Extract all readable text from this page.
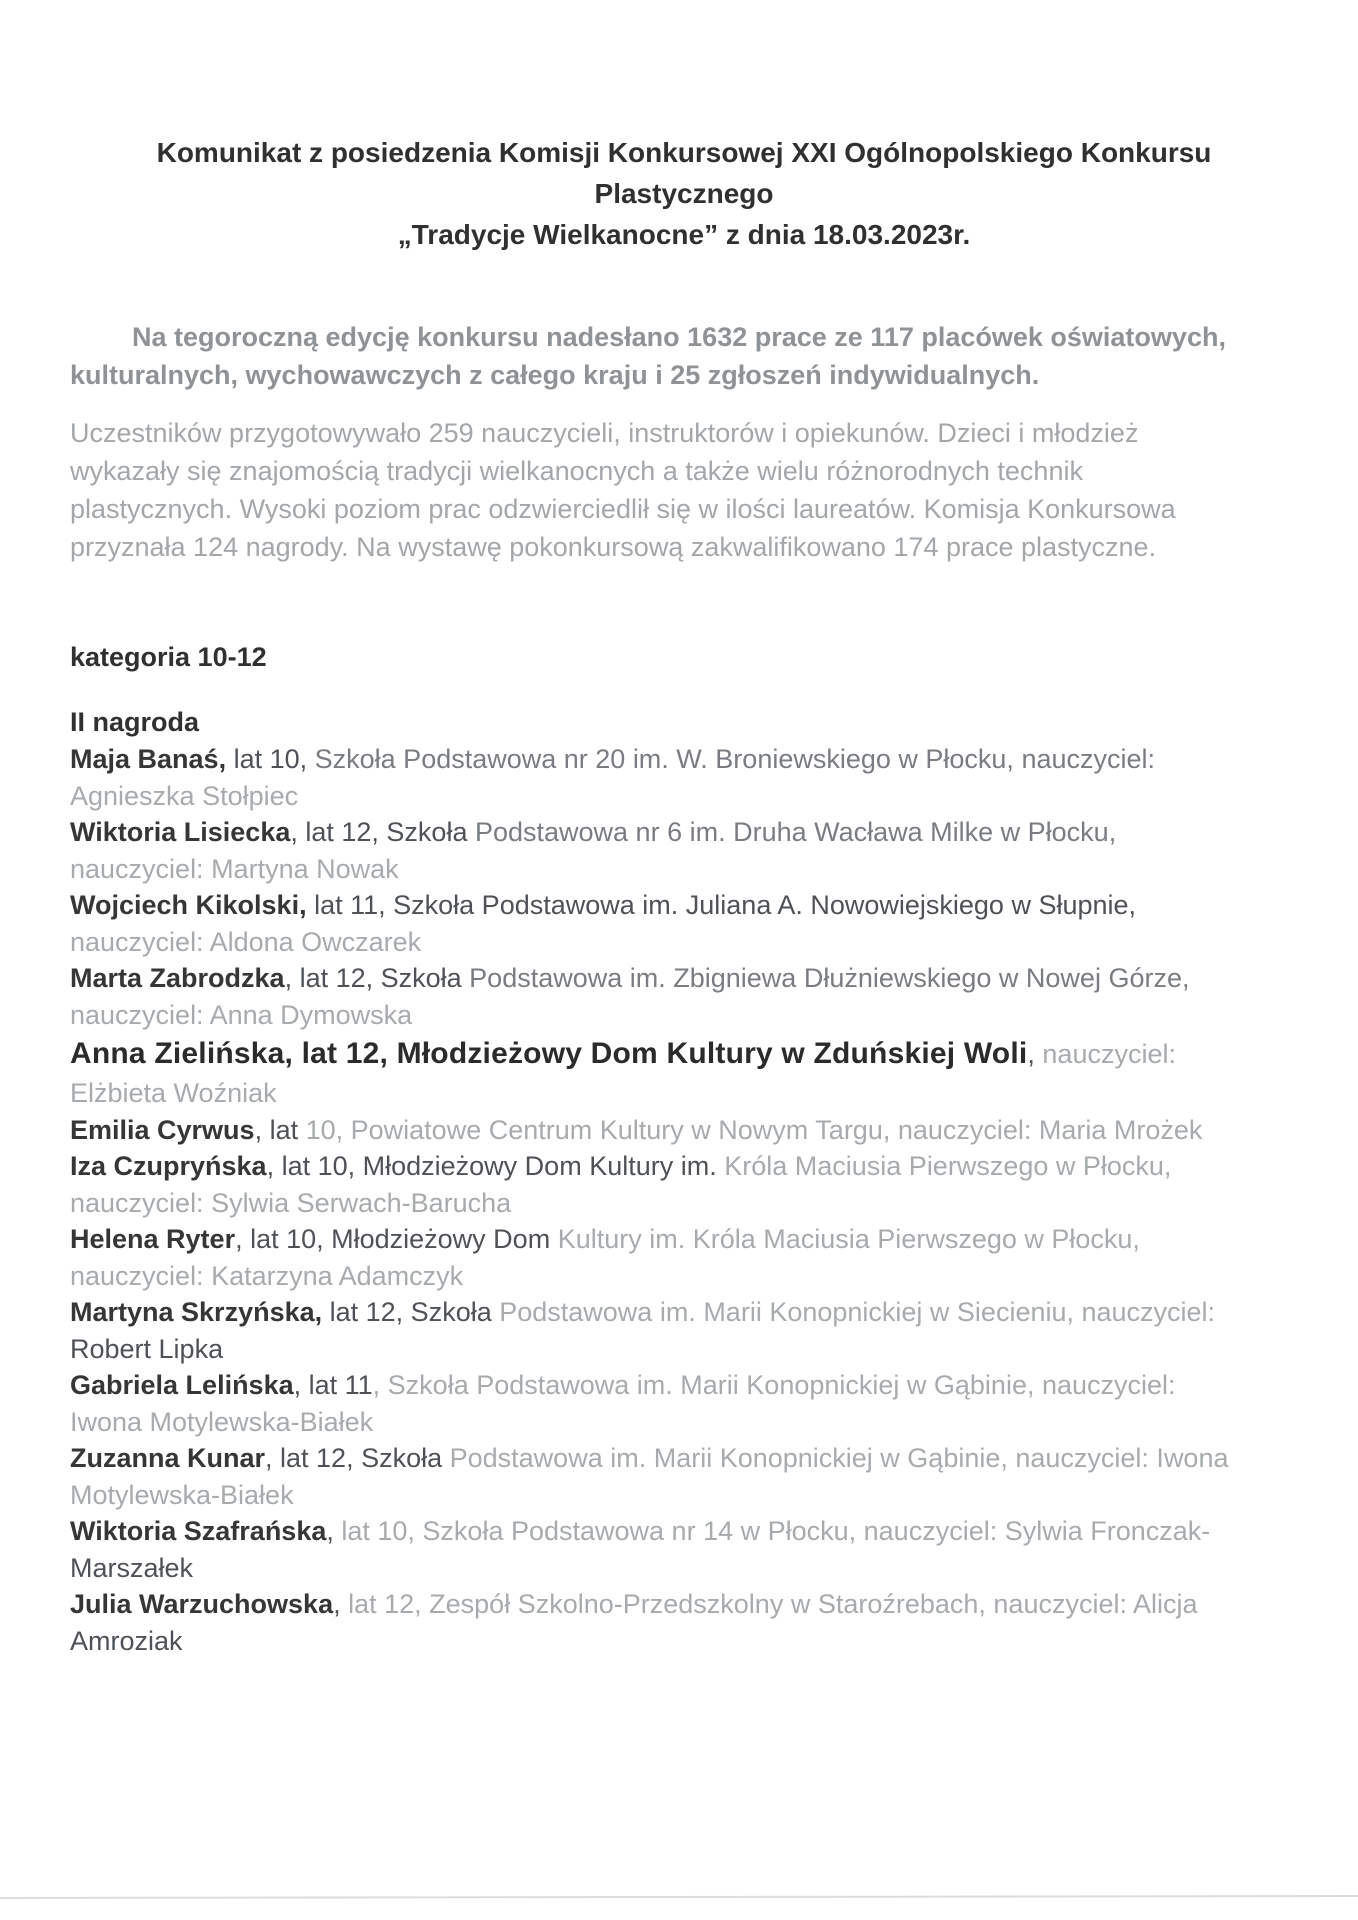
Komunikat z posiedzenia Komisji Konkursowej XXI Ogólnopolskiego Konkursu
Plastycznego
„Tradycje Wielkanocne” z dnia 18.03.2023r.
Na tegoroczną edycję konkursu nadesłano 1632 prace ze 117 placówek oświatowych,
kulturalnych, wychowawczych z całego kraju i 25 zgłoszeń indywidualnych.
Uczestników przygotowywało 259 nauczycieli, instruktorów i opiekunów. Dzieci i młodzież
wykazały się znajomością tradycji wielkanocnych a także wielu różnorodnych technik
plastycznych. Wysoki poziom prac odzwierciedlił się w ilości laureatów. Komisja Konkursowa
przyznała 124 nagrody. Na wystawę pokonkursową zakwalifikowano 174 prace plastyczne.
kategoria 10-12
II nagroda
Maja Banaś, lat 10, Szkoła Podstawowa nr 20 im. W. Broniewskiego w Płocku, nauczyciel:
Agnieszka Stołpiec
Wiktoria Lisiecka, lat 12, Szkoła Podstawowa nr 6 im. Druha Wacława Milke w Płocku,
nauczyciel: Martyna Nowak
Wojciech Kikolski, lat 11, Szkoła Podstawowa im. Juliana A. Nowowiejskiego w Słupnie,
nauczyciel: Aldona Owczarek
Marta Zabrodzka, lat 12, Szkoła Podstawowa im. Zbigniewa Dłużniewskiego w Nowej Górze,
nauczyciel: Anna Dymowska
Anna Zielińska, lat 12, Młodzieżowy Dom Kultury w Zduńskiej Woli, nauczyciel:
Elżbieta Woźniak
Emilia Cyrwus, lat 10, Powiatowe Centrum Kultury w Nowym Targu, nauczyciel: Maria Mrożek
Iza Czupryńska, lat 10, Młodzieżowy Dom Kultury im. Króla Maciusia Pierwszego w Płocku,
nauczyciel: Sylwia Serwach-Barucha
Helena Ryter, lat 10, Młodzieżowy Dom Kultury im. Króla Maciusia Pierwszego w Płocku,
nauczyciel: Katarzyna Adamczyk
Martyna Skrzyńska, lat 12, Szkoła Podstawowa im. Marii Konopnickiej w Siecieniu, nauczyciel:
Robert Lipka
Gabriela Lelińska, lat 11, Szkoła Podstawowa im. Marii Konopnickiej w Gąbinie, nauczyciel:
Iwona Motylewska-Białek
Zuzanna Kunar, lat 12, Szkoła Podstawowa im. Marii Konopnickiej w Gąbinie, nauczyciel: Iwona
Motylewska-Białek
Wiktoria Szafrańska, lat 10, Szkoła Podstawowa nr 14 w Płocku, nauczyciel: Sylwia Fronczak-
Marszałek
Julia Warzuchowska, lat 12, Zespół Szkolno-Przedszkolny w Staroźrebach, nauczyciel: Alicja
Amroziak
